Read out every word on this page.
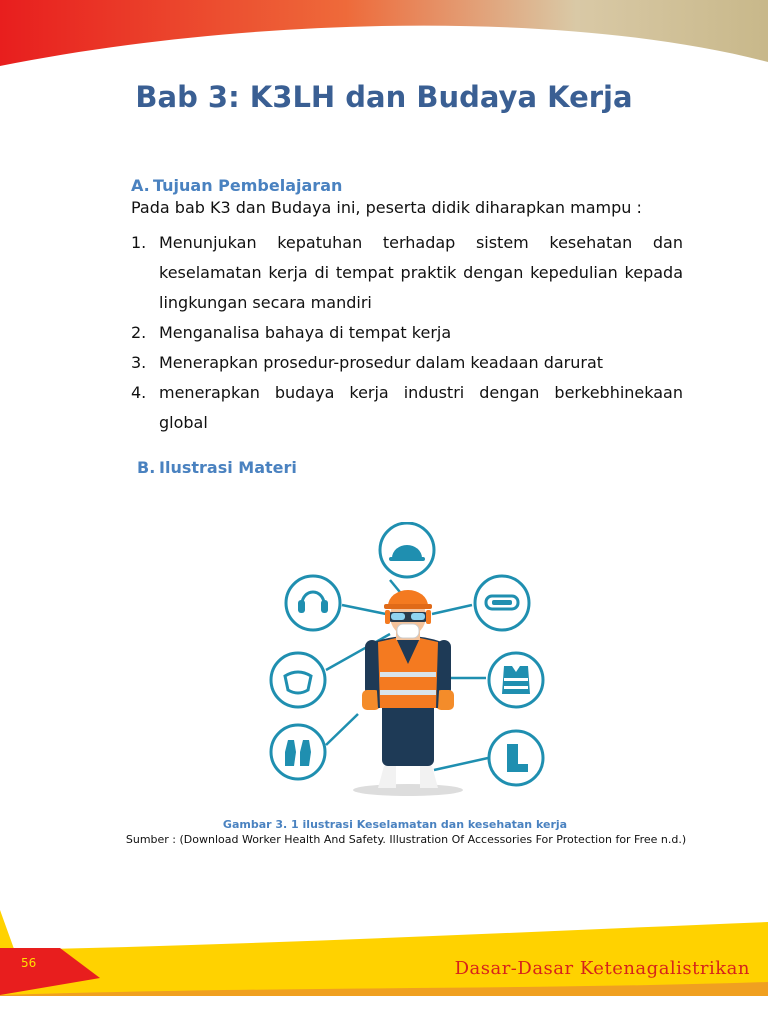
Bab 3: K3LH dan Budaya Kerja
A. Tujuan Pembelajaran

Pada bab K3 dan Budaya ini, peserta didik diharapkan mampu :

1. Menunjukan kepatuhan terhadap sistem kesehatan dan keselamatan kerja di tempat praktik dengan kepedulian kepada lingkungan secara mandiri
2. Menganalisa bahaya di tempat kerja
3. Menerapkan prosedur-prosedur dalam keadaan darurat
4. menerapkan budaya kerja industri dengan berkebhinekaan global
B. Ilustrasi Materi

Gambar 3. 1 ilustrasi Keselamatan dan kesehatan kerja

Sumber : (Download Worker Health And Safety. Illustration Of Accessories For Protection for Free n.d.)

56	Dasar-Dasar Ketenagalistrikan
